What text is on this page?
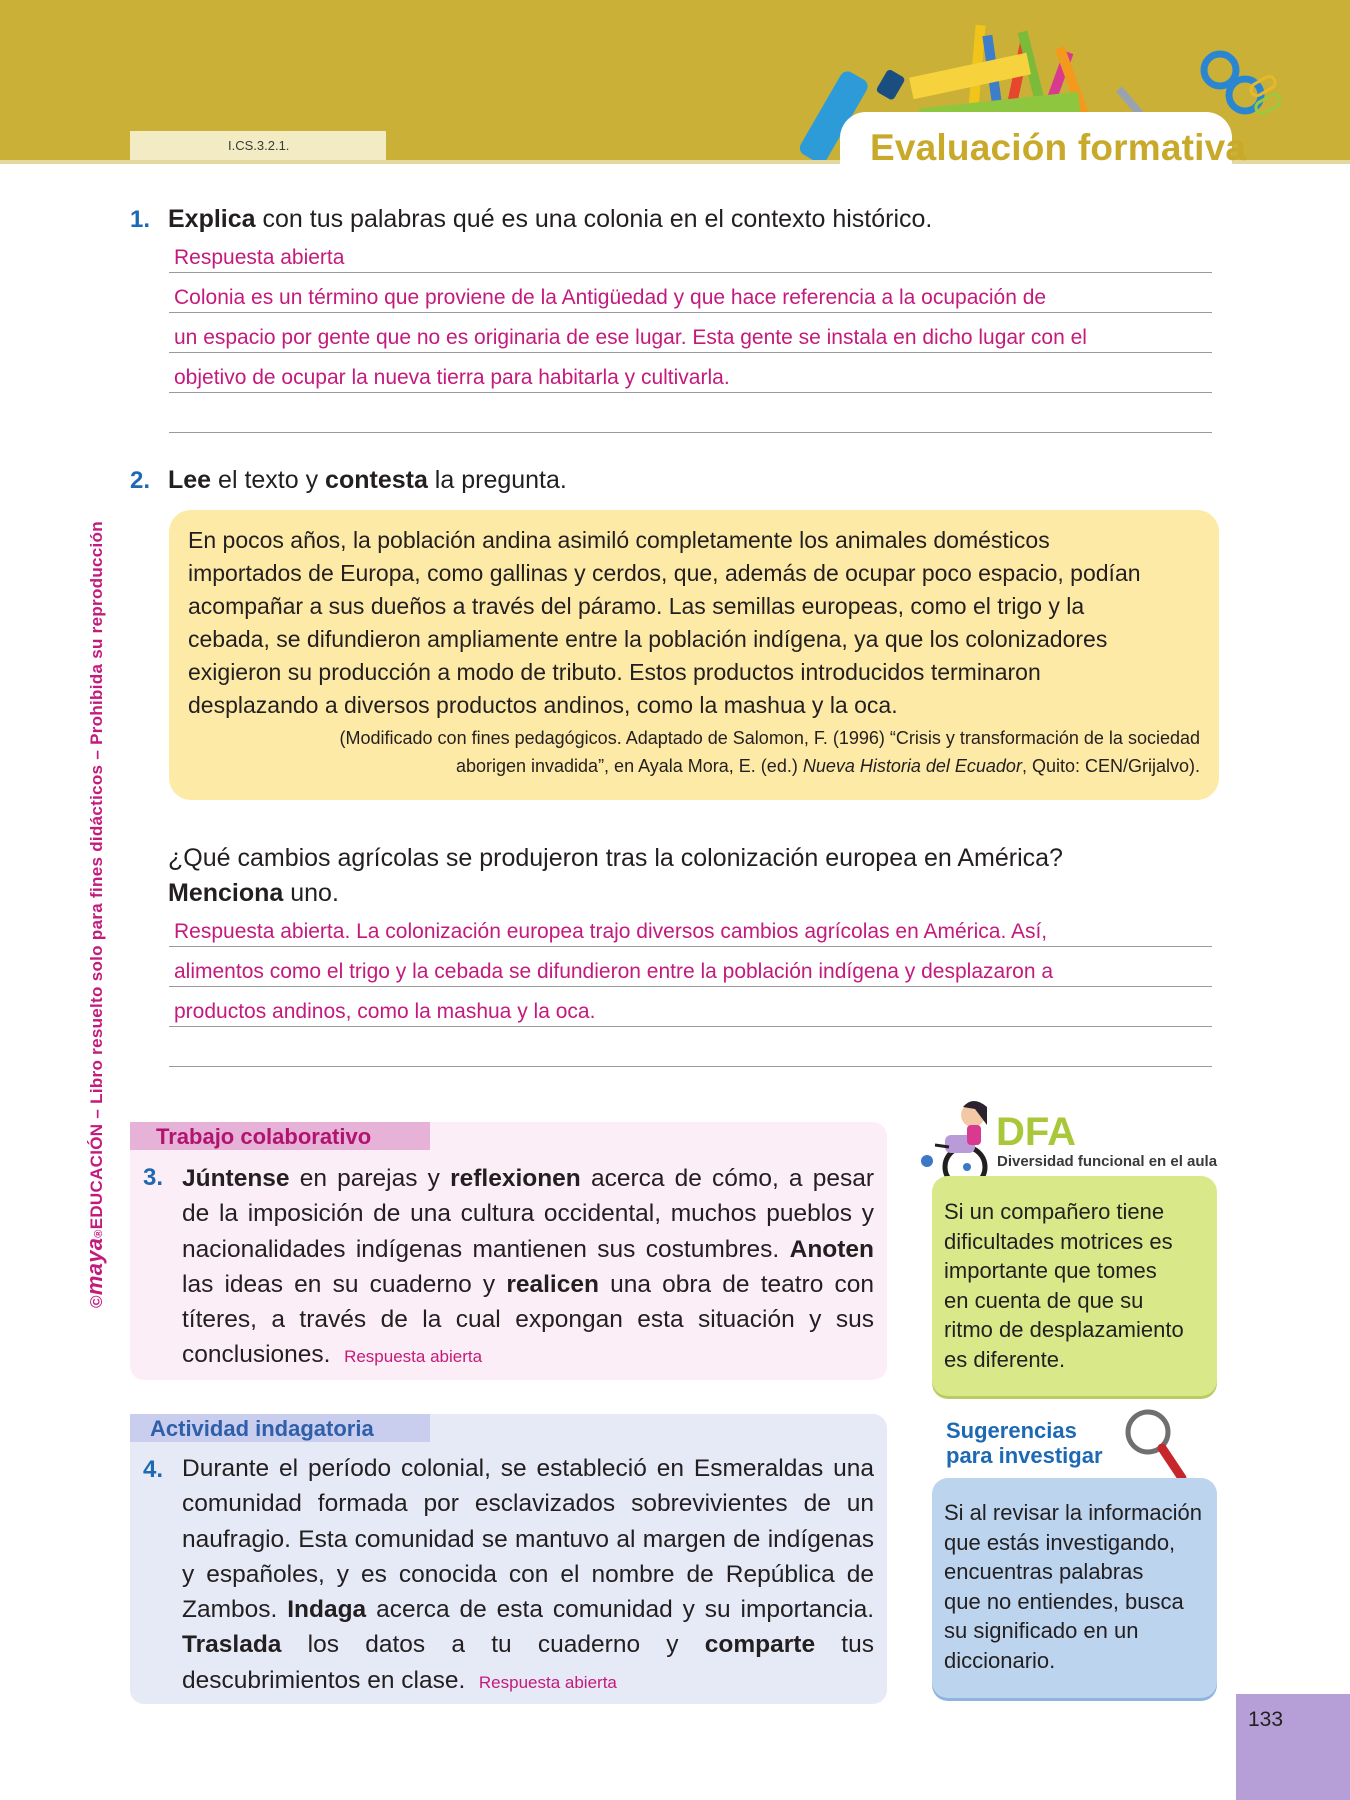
I.CS.3.2.1.	Evaluación formativa
©maya®EDUCACIÓN – Libro resuelto solo para fines didácticos – Prohibida su reproducción
1. Explica con tus palabras qué es una colonia en el contexto histórico.
Respuesta abierta
Colonia es un término que proviene de la Antigüedad y que hace referencia a la ocupación de
un espacio por gente que no es originaria de ese lugar. Esta gente se instala en dicho lugar con el
objetivo de ocupar la nueva tierra para habitarla y cultivarla.
2. Lee el texto y contesta la pregunta.
En pocos años, la población andina asimiló completamente los animales domésticos
importados de Europa, como gallinas y cerdos, que, además de ocupar poco espacio, podían
acompañar a sus dueños a través del páramo. Las semillas europeas, como el trigo y la
cebada, se difundieron ampliamente entre la población indígena, ya que los colonizadores
exigieron su producción a modo de tributo. Estos productos introducidos terminaron
desplazando a diversos productos andinos, como la mashua y la oca.
(Modificado con fines pedagógicos. Adaptado de Salomon, F. (1996) “Crisis y transformación de la sociedad
aborigen invadida”, en Ayala Mora, E. (ed.) Nueva Historia del Ecuador, Quito: CEN/Grijalvo).
¿Qué cambios agrícolas se produjeron tras la colonización europea en América?
Menciona uno.
Respuesta abierta. La colonización europea trajo diversos cambios agrícolas en América. Así,
alimentos como el trigo y la cebada se difundieron entre la población indígena y desplazaron a
productos andinos, como la mashua y la oca.
Trabajo colaborativo
3. Júntense en parejas y reflexionen acerca de cómo, a pesar de la imposición de una cultura occidental, muchos pueblos y nacionalidades indígenas mantienen sus costumbres. Anoten las ideas en su cuaderno y realicen una obra de teatro con títeres, a través de la cual expongan esta situación y sus conclusiones. Respuesta abierta
Actividad indagatoria
4. Durante el período colonial, se estableció en Esmeraldas una comunidad formada por esclavizados sobrevivientes de un naufragio. Esta comunidad se mantuvo al margen de indígenas y españoles, y es conocida con el nombre de República de Zambos. Indaga acerca de esta comunidad y su importancia. Traslada los datos a tu cuaderno y comparte tus descubrimientos en clase. Respuesta abierta
DFA
Diversidad funcional en el aula
Si un compañero tiene
dificultades motrices es
importante que tomes
en cuenta de que su
ritmo de desplazamiento
es diferente.
Sugerencias
para investigar
Si al revisar la información
que estás investigando,
encuentras palabras
que no entiendes, busca
su significado en un
diccionario.
133
